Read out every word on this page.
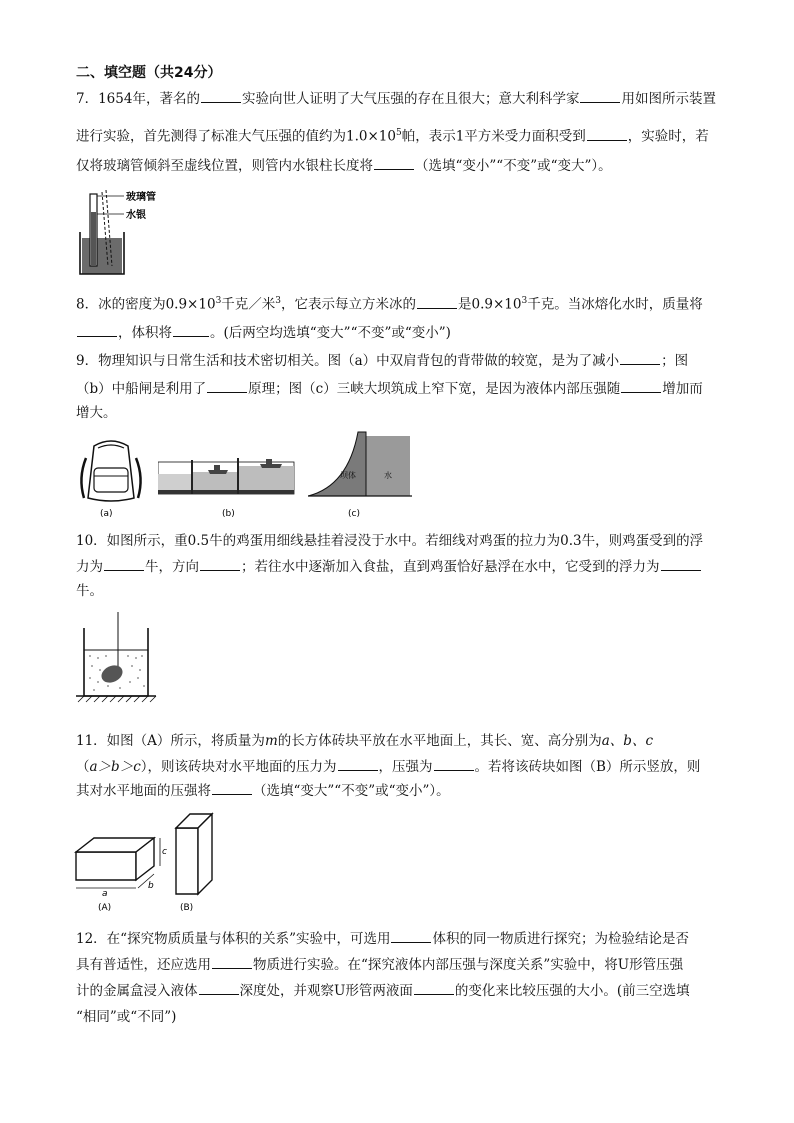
二、填空题（共24分）
7．1654年，著名的	实验向世人证明了大气压强的存在且很大；意大利科学家	用如图所示装置
进行实验，首先测得了标准大气压强的值约为$1.0\times 10^5$帕，表示1平方米受力面积受到	，实验时，若
仅将玻璃管倾斜至虚线位置，则管内水银柱长度将	（选填“变小”“不变”或“变大”）。
玻璃管
水银
8．冰的密度为$0.9\times 10^3$千克／米$^3$，它表示每立方米冰的	是$0.9\times 10^3$千克。当冰熔化水时，质量将
，体积将	。(后两空均选填“变大”“不变”或“变小”)
9．物理知识与日常生活和技术密切相关。图（a）中双肩背包的背带做的较宽，是为了减小	；图
（b）中船闸是利用了	原理；图（c）三峡大坝筑成上窄下宽，是因为液体内部压强随	增加而
增大。
(a)	(b)
坝体	水
(c)
10．如图所示，重0.5牛的鸡蛋用细线悬挂着浸没于水中。若细线对鸡蛋的拉力为0.3牛，则鸡蛋受到的浮
力为	牛，方向	；若往水中逐渐加入食盐，直到鸡蛋恰好悬浮在水中，它受到的浮力为
牛。
11．如图（A）所示，将质量为m的长方体砖块平放在水平地面上，其长、宽、高分别为a、b、c
（a＞b＞c），则该砖块对水平地面的压力为	，压强为	。若将该砖块如图（B）所示竖放，则
其对水平地面的压强将	（选填“变大”“不变”或“变小”）。
a
b
c
(A)	(B)
12．在“探究物质质量与体积的关系”实验中，可选用	体积的同一物质进行探究；为检验结论是否
具有普适性，还应选用	物质进行实验。在“探究液体内部压强与深度关系”实验中，将U形管压强
计的金属盒浸入液体	深度处，并观察U形管两液面	的变化来比较压强的大小。(前三空选填
“相同”或“不同”)
